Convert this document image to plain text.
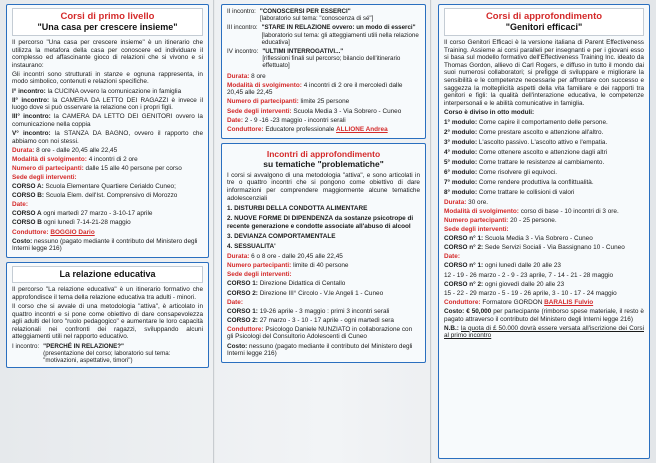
Corsi di primo livello
"Una casa per crescere insieme"

Il percorso "Una casa per crescere insieme" è un itinerario che utilizza la metafora della casa per conoscere ed individuare il complesso ed affascinante gioco di relazioni che si vivono e si instaurano:

Gli incontri sono strutturati in stanze e ognuna rappresenta, in modo simbolico, contenuti e relazioni specifiche.

I° incontro: la CUCINA ovvero la comunicazione in famiglia

II° incontro: la CAMERA DA LETTO DEI RAGAZZI è invece il luogo dove si può osservare la relazione con i propri figli.

III° incontro: la CAMERA DA LETTO DEI GENITORI ovvero la comunicazione nella coppia

V° incontro: la STANZA DA BAGNO, ovvero il rapporto che abbiamo con noi stessi.

Durata: 8 ore - dalle 20,45 alle 22,45

Modalità di svolgimento: 4 incontri di 2 ore

Numero di partecipanti: dalle 15 alle 40 persone per corso

Sede degli interventi:

CORSO A: Scuola Elementare Quartiere Cerialdo Cuneo;

CORSO B: Scuola Elem. dell'Ist. Comprensivo di Morozzo

Date:

CORSO A ogni martedì 27 marzo - 3-10-17 aprile

CORSO B ogni lunedì 7-14-21-28 maggio

Conduttore: BOGGIO Dario

Costo: nessuno (pagato mediante il contributo del Ministero degli Interni legge 216)

La relazione educativa

Il percorso "La relazione educativa" è un itinerario formativo che approfondisce il tema della relazione educativa tra adulti - minori.

Il corso che si avvale di una metodologia "attiva", è articolato in quattro incontri e si pone come obiettivo di dare consapevolezza agli adulti del loro "ruolo pedagogico" e aumentare le loro capacità relazionali nei confronti dei ragazzi, sviluppando alcuni atteggiamenti utili nel rapporto educativo.

I incontro: "PERCHÉ IN RELAZIONE?"
(presentazione del corso; laboratorio sul tema: "motivazioni, aspettative, timori")
II incontro: "CONOSCERSI PER ESSERCI"
[laboratorio sul tema: "conoscenza di sé"]
III incontro: "STARE IN RELAZIONE ovvero: un modo di esserci"
[laboratorio sul tema: gli atteggiamenti utili nella relazione educativa]
IV incontro: "ULTIMI INTERROGATIVI..."
[riflessioni finali sul percorso; bilancio dell'itinerario effettuato]

Durata: 8 ore

Modalità di svolgimento: 4 incontri di 2 ore il mercoledì dalle 20,45 alle 22,45

Numero di partecipanti: limite 25 persone

Sede degli interventi: Scuola Media 3 - Via Sobrero - Cuneo

Date: 2 - 9 -16 -23 maggio - incontri serali

Conduttore: Educatore professionale ALLIONE Andrea

Incontri di approfondimento
su tematiche "problematiche"

I corsi si avvalgono di una metodologia "attiva", e sono articolati in tre o quattro incontri che si pongono come obiettivo di dare informazioni per comprendere maggiormente alcune tematiche adolescenziali

1. DISTURBI DELLA CONDOTTA ALIMENTARE

2. NUOVE FORME DI DIPENDENZA da sostanze psicotrope di recente generazione e condotte associate all'abuso di alcool

3. DEVIANZA COMPORTAMENTALE

4. SESSUALITA'

Durata: 6 o 8 ore - dalle 20,45 alle 22,45

Numero partecipanti: limite di 40 persone

Sede degli interventi:

CORSO 1: Direzione Didattica di Centallo

CORSO 2: Direzione III° Circolo - V.le Angeli 1 - Cuneo

Date:

CORSO 1: 19-26 aprile - 3 maggio : primi 3 incontri serali

CORSO 2: 27 marzo - 3 - 10 - 17 aprile - ogni martedì sera

Conduttore: Psicologo Daniele NUNZIATO in collaborazione con gli Psicologi del Consultorio Adolescenti di Cuneo

Costo: nessuno (pagato mediante il contributo del Ministero degli Interni legge 216)

Corsi di approfondimento
"Genitori efficaci"

Il corso Genitori Efficaci è la versione italiana di Parent Effectiveness Training. Assieme ai corsi paralleli per insegnanti e per i giovani esso si basa sul modello formativo dell'Effectiveness Training Inc. ideato da Thomas Gordon, allievo di Carl Rogers, e diffuso in tutto il mondo dai suoi numerosi collaboratori; si prefigge di sviluppare e migliorare la sensibilità e le competenze necessarie per affrontare con successo e saggezza la molteplicità aspetti della vita familiare e dei rapporti tra genitori e figli: la qualità dell'interazione educativa, le competenze interpersonali e le abilità comunicative in famiglia.

Corso è diviso in otto moduli:

1° modulo: Come capire il comportamento delle persone.

2° modulo: Come prestare ascolto e attenzione all'altro.

3° modulo: L'ascolto passivo. L'ascolto attivo e l'empatia.

4° modulo: Come ottenere ascolto e attenzione dagli altri

5° modulo: Come trattare le resistenze al cambiamento.

6° modulo: Come risolvere gli equivoci.

7° modulo: Come rendere produttiva la conflittualità.

8° modulo: Come trattare le collisioni di valori

Durata: 30 ore.

Modalità di svolgimento: corso di base - 10 incontri di 3 ore.

Numero partecipanti: 20 - 25 persone.

Sede degli interventi:

CORSO n° 1: Scuola Media 3 - Via Sobrero - Cuneo

CORSO n° 2: Sede Servizi Sociali - Via Bassignano 10 - Cuneo

Date:

CORSO n° 1: ogni lunedì dalle 20 alle 23

12 - 19 - 26 marzo - 2 - 9 - 23 aprile, 7 - 14 - 21 - 28 maggio

CORSO n° 2: ogni giovedì dalle 20 alle 23

15 - 22 - 29 marzo - 5 - 19 - 26 aprile, 3 - 10 - 17 - 24 maggio

Conduttore: Formatore GORDON BARALIS Fulvio

Costo: € 50,000 per partecipante (rimborso spese materiale, il resto è pagato attraverso il contributo del Ministero degli Interni legge 216)

N.B.: la quota di £ 50.000 dovrà essere versata all'iscrizione dei Corsi al primo incontro
